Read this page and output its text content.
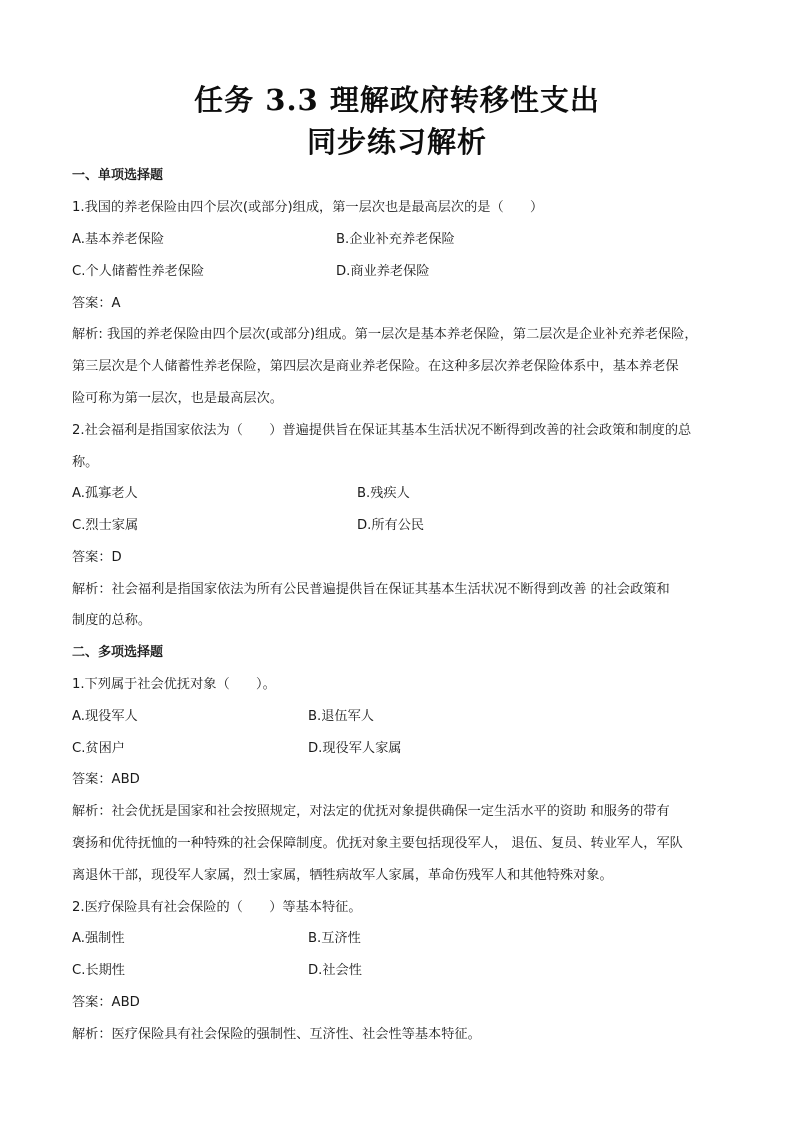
任务 3.3 理解政府转移性支出
同步练习解析
一、单项选择题
1.我国的养老保险由四个层次(或部分)组成，第一层次也是最高层次的是（　　）
A.基本养老保险	B.企业补充养老保险
C.个人储蓄性养老保险	D.商业养老保险
答案：A
解析: 我国的养老保险由四个层次(或部分)组成。第一层次是基本养老保险，第二层次是企业补充养老保险，
第三层次是个人储蓄性养老保险，第四层次是商业养老保险。在这种多层次养老保险体系中，基本养老保
险可称为第一层次，也是最高层次。
2.社会福利是指国家依法为（　　）普遍提供旨在保证其基本生活状况不断得到改善的社会政策和制度的总
称。
A.孤寡老人	B.残疾人
C.烈士家属	D.所有公民
答案：D
解析：社会福利是指国家依法为所有公民普遍提供旨在保证其基本生活状况不断得到改善 的社会政策和
制度的总称。
二、多项选择题
1.下列属于社会优抚对象（　　）。
A.现役军人	B.退伍军人
C.贫困户	D.现役军人家属
答案：ABD
解析：社会优抚是国家和社会按照规定，对法定的优抚对象提供确保一定生活水平的资助 和服务的带有
褒扬和优待抚恤的一种特殊的社会保障制度。优抚对象主要包括现役军人， 退伍、复员、转业军人，军队
离退休干部，现役军人家属，烈士家属，牺牲病故军人家属，革命伤残军人和其他特殊对象。
2.医疗保险具有社会保险的（　　）等基本特征。
A.强制性	B.互济性
C.长期性	D.社会性
答案：ABD
解析：医疗保险具有社会保险的强制性、互济性、社会性等基本特征。
